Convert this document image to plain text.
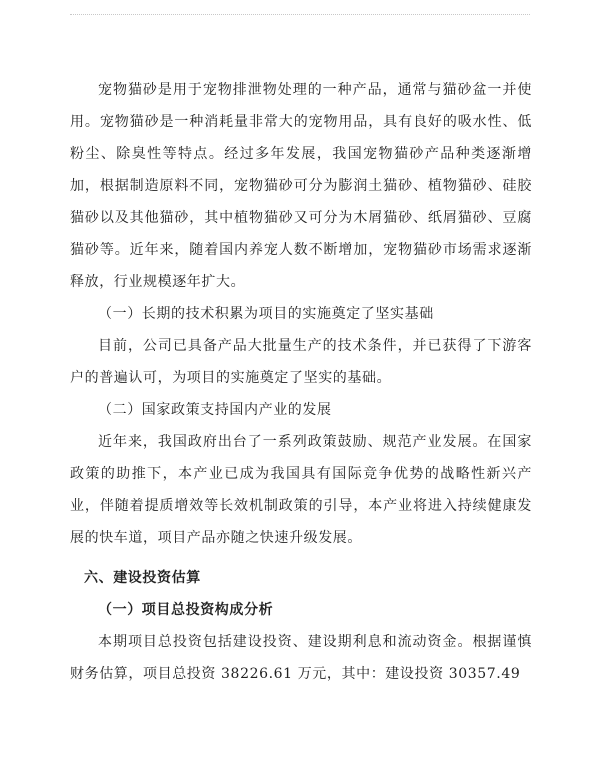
宠物猫砂是用于宠物排泄物处理的一种产品，通常与猫砂盆一并使用。宠物猫砂是一种消耗量非常大的宠物用品，具有良好的吸水性、低粉尘、除臭性等特点。经过多年发展，我国宠物猫砂产品种类逐渐增加，根据制造原料不同，宠物猫砂可分为膨润土猫砂、植物猫砂、硅胶猫砂以及其他猫砂，其中植物猫砂又可分为木屑猫砂、纸屑猫砂、豆腐猫砂等。近年来，随着国内养宠人数不断增加，宠物猫砂市场需求逐渐释放，行业规模逐年扩大。

（一）长期的技术积累为项目的实施奠定了坚实基础

目前，公司已具备产品大批量生产的技术条件，并已获得了下游客户的普遍认可，为项目的实施奠定了坚实的基础。

（二）国家政策支持国内产业的发展

近年来，我国政府出台了一系列政策鼓励、规范产业发展。在国家政策的助推下，本产业已成为我国具有国际竞争优势的战略性新兴产业，伴随着提质增效等长效机制政策的引导，本产业将进入持续健康发展的快车道，项目产品亦随之快速升级发展。

六、建设投资估算

（一）项目总投资构成分析

本期项目总投资包括建设投资、建设期利息和流动资金。根据谨慎财务估算，项目总投资 38226.61 万元，其中：建设投资 30357.49
